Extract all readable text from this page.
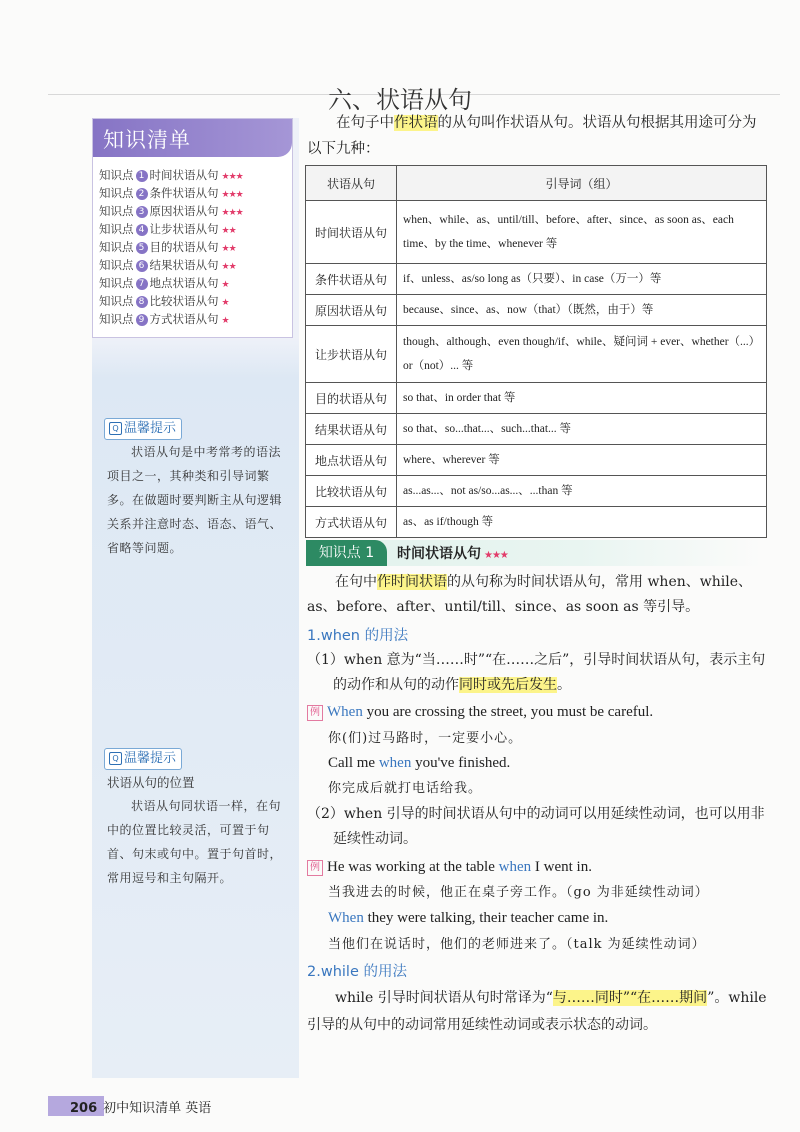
六、状语从句
知识清单
知识点 1 时间状语从句 ★★★
知识点 2 条件状语从句 ★★★
知识点 3 原因状语从句 ★★★
知识点 4 让步状语从句 ★★
知识点 5 目的状语从句 ★★
知识点 6 结果状语从句 ★★
知识点 7 地点状语从句 ★
知识点 8 比较状语从句 ★
知识点 9 方式状语从句 ★
Q 温馨提示
状语从句是中考常考的语法项目之一，其种类和引导词繁多。在做题时要判断主从句逻辑关系并注意时态、语态、语气、省略等问题。
Q 温馨提示
状语从句的位置
状语从句同状语一样，在句中的位置比较灵活，可置于句首、句末或句中。置于句首时，常用逗号和主句隔开。
在句子中作状语的从句叫作状语从句。状语从句根据其用途可分为以下九种：
状语从句	引导词（组）
时间状语从句	when、while、as、until/till、before、after、since、as soon as、each time、by the time、whenever 等
条件状语从句	if、unless、as/so long as（只要）、in case（万一）等
原因状语从句	because、since、as、now（that）（既然，由于）等
让步状语从句	though、although、even though/if、while、疑问词 + ever、whether（...）or（not）... 等
目的状语从句	so that、in order that 等
结果状语从句	so that、so...that...、such...that... 等
地点状语从句	where、wherever 等
比较状语从句	as...as...、not as/so...as...、...than 等
方式状语从句	as、as if/though 等
知识点 1	时间状语从句 ★★★
在句中作时间状语的从句称为时间状语从句，常用 when、while、as、before、after、until/till、since、as soon as 等引导。
1.when 的用法
（1）when 意为“当……时”“在……之后”，引导时间状语从句，表示主句的动作和从句的动作同时或先后发生。
例 When you are crossing the street, you must be careful.
你(们)过马路时，一定要小心。
Call me when you've finished.
你完成后就打电话给我。
（2）when 引导的时间状语从句中的动词可以用延续性动词，也可以用非延续性动词。
例 He was working at the table when I went in.
当我进去的时候，他正在桌子旁工作。（go 为非延续性动词）
When they were talking, their teacher came in.
当他们在说话时，他们的老师进来了。（talk 为延续性动词）
2.while 的用法
while 引导时间状语从句时常译为“与……同时”“在……期间”。while 引导的从句中的动词常用延续性动词或表示状态的动词。
206 初中知识清单 英语
